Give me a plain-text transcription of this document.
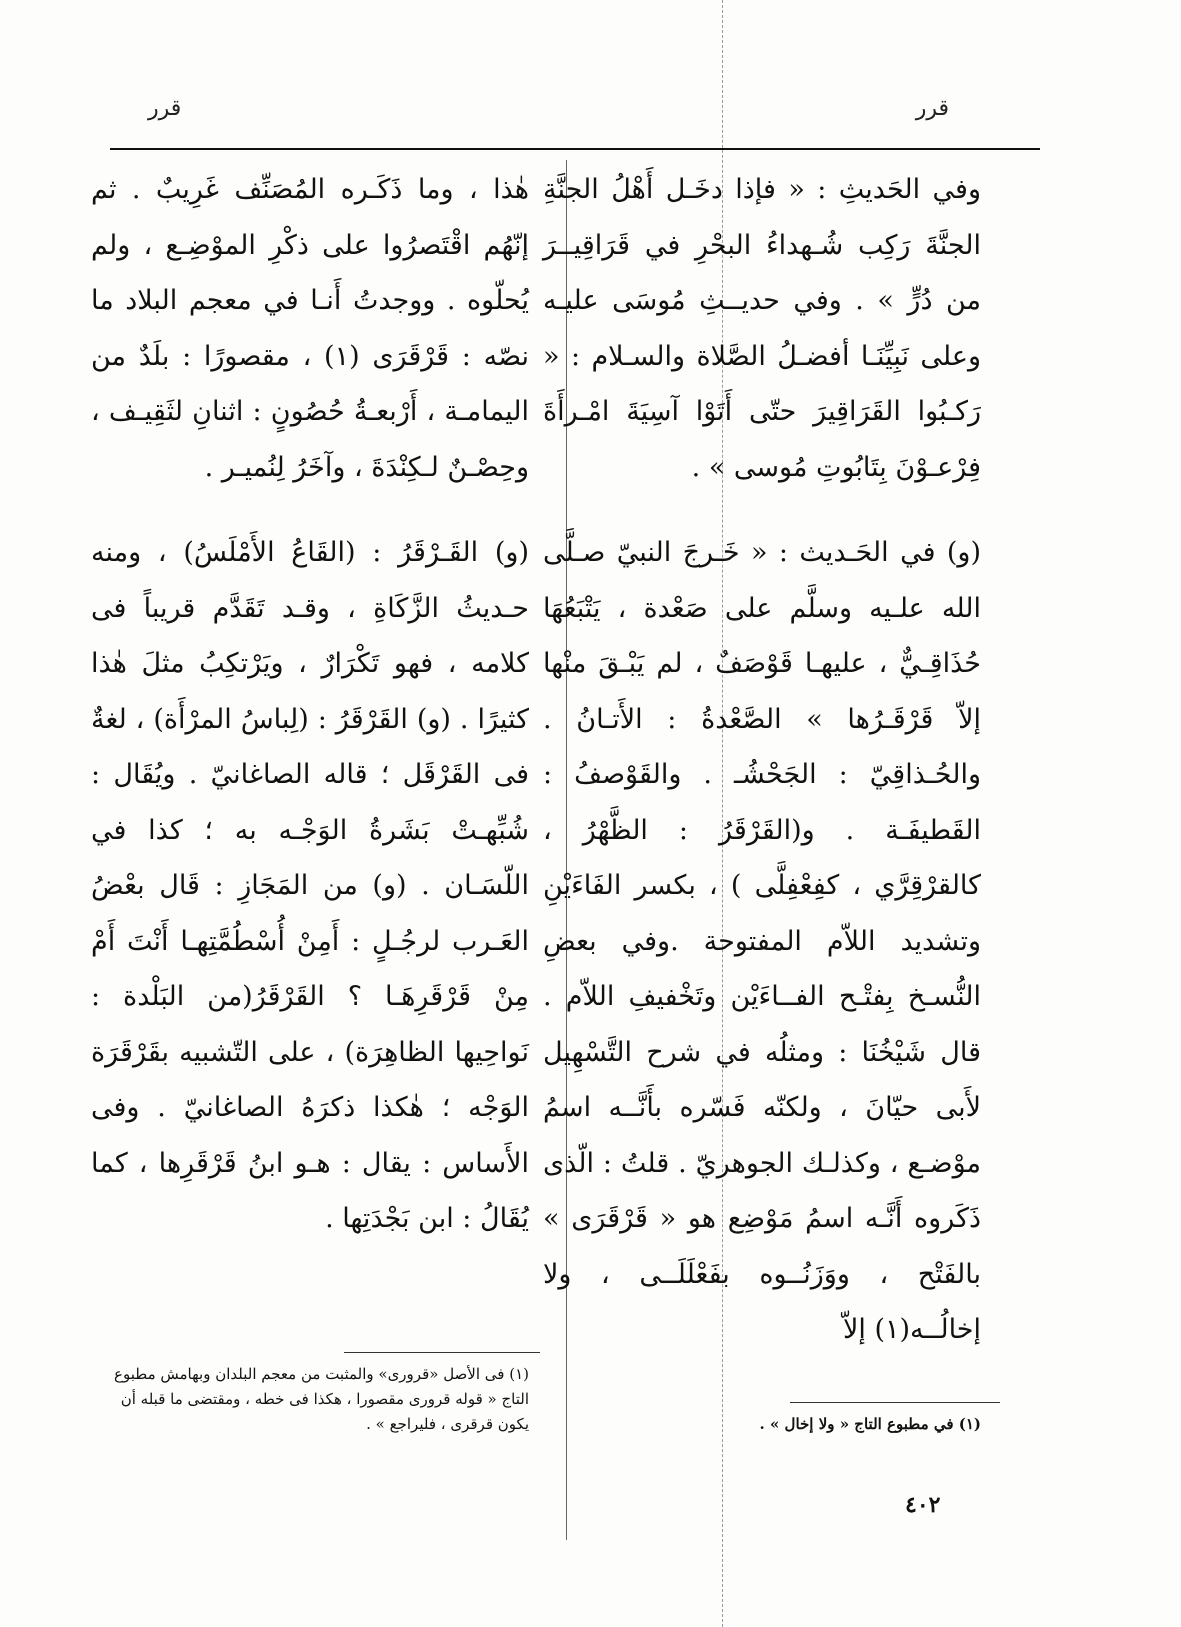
قرر
قرر

وفي الحَديثِ : « فإذا دخَـل أَهْلُ الجنَّةِ الجنَّةَ رَكِب شُـهداءُ البحْرِ في قَرَاقِيــرَ من دُرٍّ » . وفي حديــثِ مُوسَى عليـه وعلى نَبِيِّنَـا أفضـلُ الصَّلاة والسـلام : « رَكـبُوا القَرَاقِيرَ حتّى أَتَوْا آسِيَةَ امْـرأَةَ فِرْعـوْنَ بِتَابُوتِ مُوسى » .

(و) في الحَـديث : « خَـرجَ النبيّ صـلَّى الله علـيه وسلَّم على صَعْدة ، يَتْبَعُهَا حُذَاقِـيٌّ ، عليهـا قَوْصَفٌ ، لم يَبْـقَ منْها إلاّ قَرْقَـرُها » الصَّعْدةُ : الأَتـانُ . والحُـذاقِيّ : الجَحْشُـ . والقَوْصفُ : القَطيفَـة . و(القَرْقَرُ : الظَّهْرُ ، كالقرْقِرَّي ، كفِعْفِلَّى ) ، بكسر الفَاءَيْنِ وتشديد اللاّم المفتوحة .وفي بعضِ النُّسـخ بِفتْـح الفــاءَيْن وتَخْفيفِ اللاّم . قال شَيْخُنَا : ومثلُه في شرح التَّسْهِيل لأَبى حيّانَ ، ولكنّه فَسّره بأَنَّــه اسمُ موْضـع ، وكذلـك الجوهريّ . قلتُ : الّذى ذَكَروه أَنَّـه اسمُ مَوْضِع هو « قَرْقَرَى » بالفَتْح ، ووَزَنُــوه بفَعْلَلَــى ، ولا إخالُــه(١) إلاّ

هٰذا ، وما ذَكَـره المُصَنِّف غَرِيبٌ . ثم إنّهُم اقْتَصرُوا على ذكْرِ الموْضِـع ، ولم يُحلّوه . ووجدتُ أَنـا في معجم البلاد ما نصّه : قَرْقَرَى (١) ، مقصورًا : بلَدٌ من اليمامـة ، أَرْبعـةُ حُصُونٍ : اثنانِ لثَقِيـف ، وحِصْـنٌ لـكِنْدَةَ ، وآخَرُ لِنُميـر .

(و) القَـرْقَرُ : (القَاعُ الأَمْلَسُ) ، ومنه حـديثُ الزَّكَاةِ ، وقـد تَقَدَّم قريباً فى كلامه ، فهو تَكْرَارٌ ، ويَرْتكِبُ مثلَ هٰذا كثيرًا . (و) القَرْقَرُ : (لِباسُ المرْأَة) ، لغةٌ فى القَرْقَل ؛ قاله الصاغانيّ . ويُقَال : شُبِّهـتْ بَشَرةُ الوَجْـه به ؛ كذا في اللّسَـان . (و) من المَجَازِ : قَال بعْضُ العَـرب لرجُـلٍ : أَمِنْ أُسْطُمَّتِهـا أَنْتَ أَمْ مِنْ قَرْقَرِهَـا ؟ القَرْقَرُ(من البَلْدة : نَواحِيها الظاهِرَة) ، على التّشبيه بقَرْقَرَة الوَجْه ؛ هٰكذا ذكرَهُ الصاغانيّ . وفى الأَساس : يقال : هـو ابنُ قَرْقَرِها ، كما يُقَالُ : ابن بَجْدَتِها .

(١) في مطبوع التاج « ولا إخال » .
(١) فى الأصل «قرورى» والمثبت من معجم البلدان وبهامش مطبوع التاج « قوله قرورى مقصورا ، هكذا فى خطه ، ومقتضى ما قبله أن يكون قرقرى ، فليراجع » .
٤٠٢
